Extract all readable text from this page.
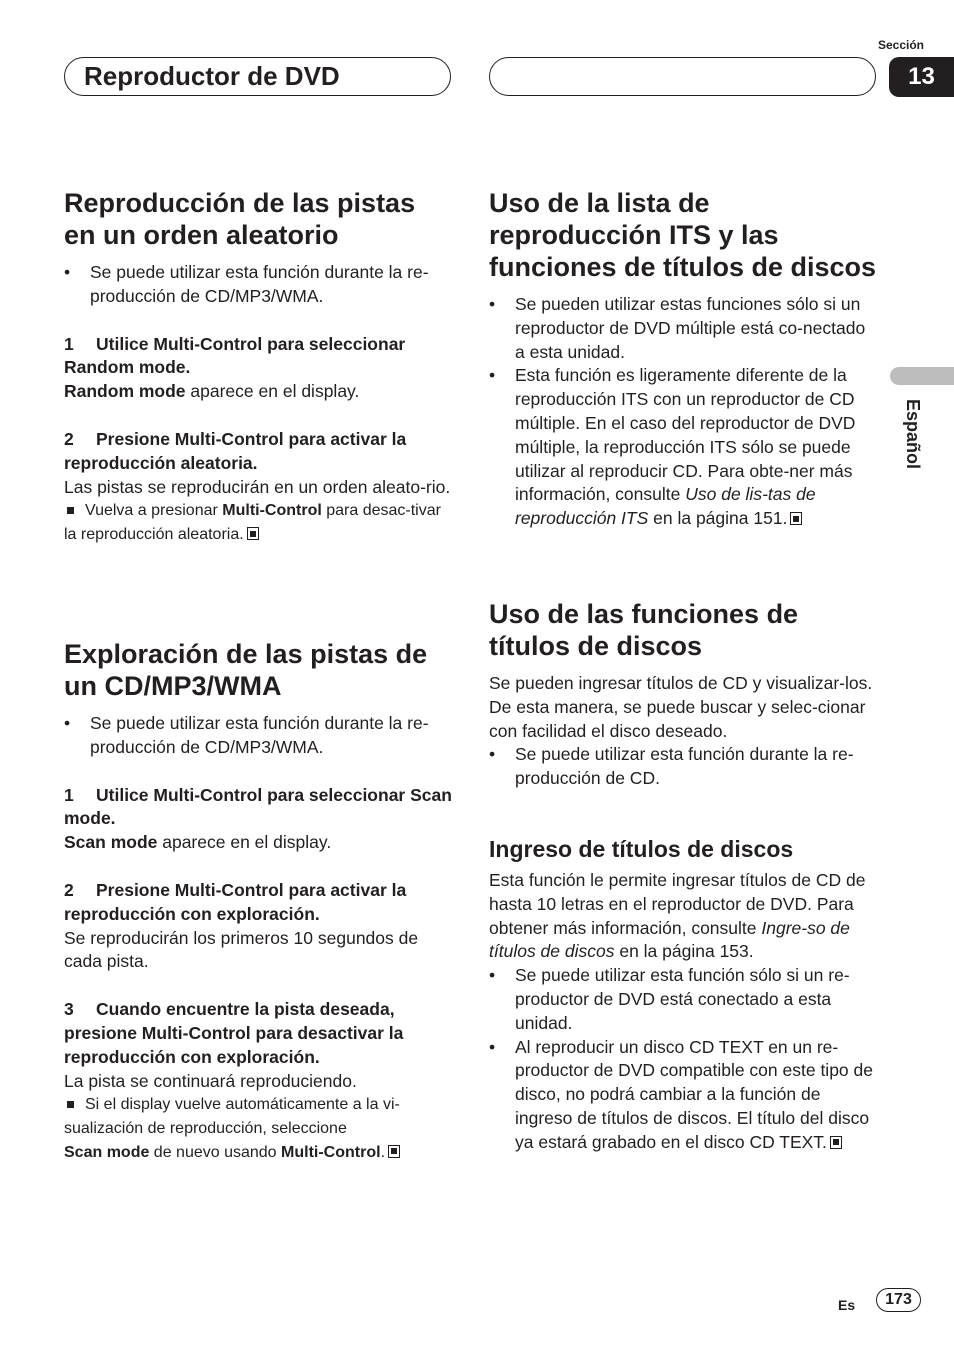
Sección
Reproductor de DVD	13
Español
Reproducción de las pistas en un orden aleatorio
• Se puede utilizar esta función durante la re-producción de CD/MP3/WMA.

1 Utilice Multi-Control para seleccionar Random mode.

Random mode aparece en el display.

2 Presione Multi-Control para activar la reproducción aleatoria.

Las pistas se reproducirán en un orden aleato-rio.

Vuelva a presionar Multi-Control para desac-tivar la reproducción aleatoria.

Exploración de las pistas de un CD/MP3/WMA
• Se puede utilizar esta función durante la re-producción de CD/MP3/WMA.

1 Utilice Multi-Control para seleccionar Scan mode.

Scan mode aparece en el display.

2 Presione Multi-Control para activar la reproducción con exploración.

Se reproducirán los primeros 10 segundos de cada pista.

3 Cuando encuentre la pista deseada, presione Multi-Control para desactivar la reproducción con exploración.

La pista se continuará reproduciendo.

Si el display vuelve automáticamente a la vi-sualización de reproducción, seleccione
Scan mode de nuevo usando Multi-Control.

Uso de la lista de reproducción ITS y las funciones de títulos de discos
• Se pueden utilizar estas funciones sólo si un reproductor de DVD múltiple está co-nectado a esta unidad.
• Esta función es ligeramente diferente de la reproducción ITS con un reproductor de CD múltiple. En el caso del reproductor de DVD múltiple, la reproducción ITS sólo se puede utilizar al reproducir CD. Para obte-ner más información, consulte Uso de lis-tas de reproducción ITS en la página 151.
Uso de las funciones de títulos de discos

Se pueden ingresar títulos de CD y visualizar-los. De esta manera, se puede buscar y selec-cionar con facilidad el disco deseado.

• Se puede utilizar esta función durante la re-producción de CD.
Ingreso de títulos de discos

Esta función le permite ingresar títulos de CD de hasta 10 letras en el reproductor de DVD. Para obtener más información, consulte Ingre-so de títulos de discos en la página 153.

• Se puede utilizar esta función sólo si un re-productor de DVD está conectado a esta unidad.
• Al reproducir un disco CD TEXT en un re-productor de DVD compatible con este tipo de disco, no podrá cambiar a la función de ingreso de títulos de discos. El título del disco ya estará grabado en el disco CD TEXT.
Es	173
